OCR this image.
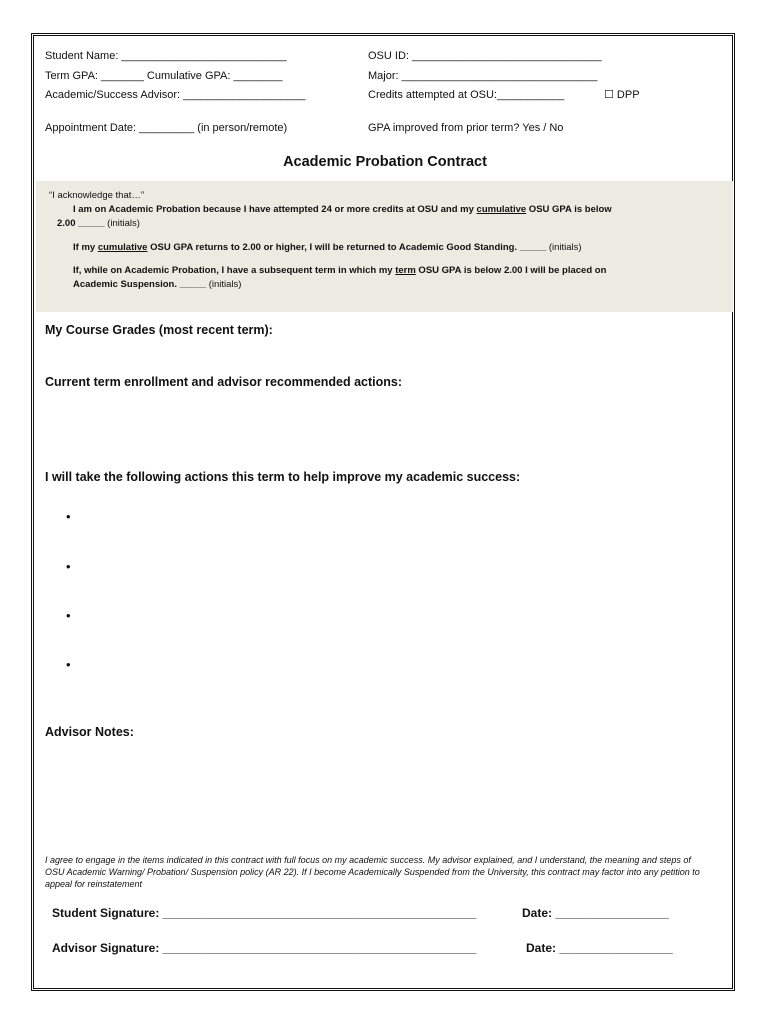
Student Name: ___________________________	OSU ID: _______________________________
Term GPA: _______ Cumulative GPA: ________	Major: ________________________________
Academic/Success Advisor: ____________________	Credits attempted at OSU:___________	☐ DPP
Appointment Date: _________ (in person/remote)	GPA improved from prior term? Yes / No
Academic Probation Contract
“I acknowledge that…”
I am on Academic Probation because I have attempted 24 or more credits at OSU and my cumulative OSU GPA is below
2.00 _____ (initials)
If my cumulative OSU GPA returns to 2.00 or higher, I will be returned to Academic Good Standing. _____ (initials)
If, while on Academic Probation, I have a subsequent term in which my term OSU GPA is below 2.00 I will be placed on
Academic Suspension. _____ (initials)
My Course Grades (most recent term):
Current term enrollment and advisor recommended actions:
I will take the following actions this term to help improve my academic success:
•
•
•
•
Advisor Notes:
I agree to engage in the items indicated in this contract with full focus on my academic success. My advisor explained, and I understand, the meaning and steps of OSU Academic Warning/ Probation/ Suspension policy (AR 22). If I become Academically Suspended from the University, this contract may factor into any petition to appeal for reinstatement
Student Signature: _______________________________________________	Date: _________________
Advisor Signature: _______________________________________________	Date: _________________
